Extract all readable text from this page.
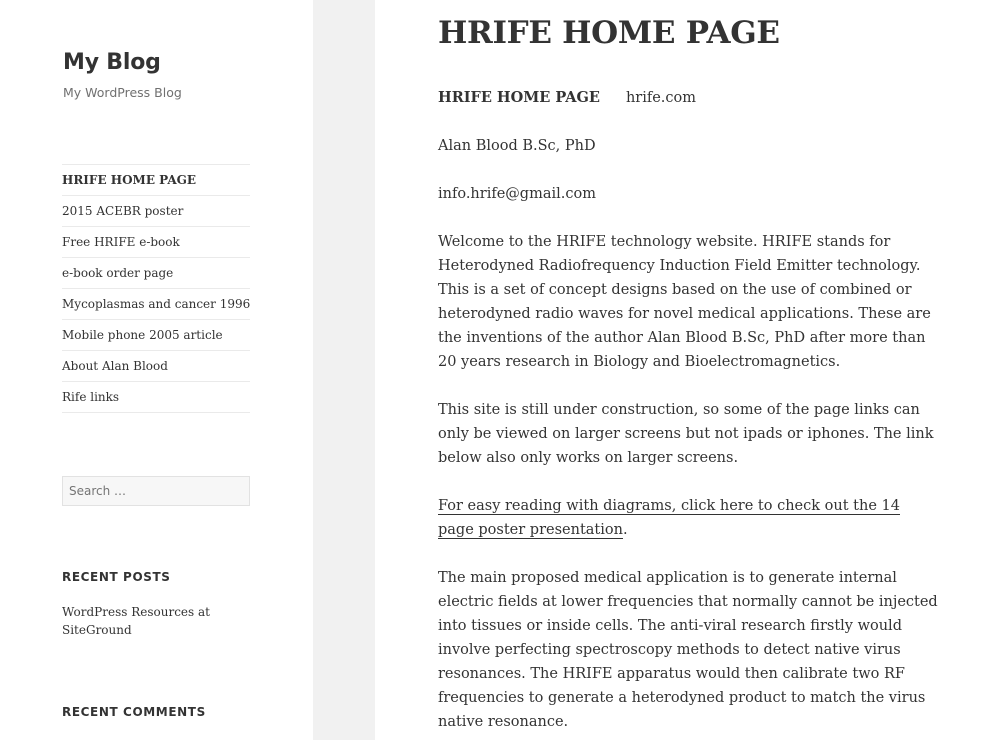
My Blog
My WordPress Blog
HRIFE HOME PAGE
2015 ACEBR poster
Free HRIFE e-book
e-book order page
Mycoplasmas and cancer 1996
Mobile phone 2005 article
About Alan Blood
Rife links
Search …
RECENT POSTS
WordPress Resources at SiteGround
RECENT COMMENTS
HRIFE HOME PAGE

HRIFE HOME PAGE hrife.com

Alan Blood B.Sc, PhD

info.hrife@gmail.com

Welcome to the HRIFE technology website. HRIFE stands for Heterodyned Radiofrequency Induction Field Emitter technology. This is a set of concept designs based on the use of combined or heterodyned radio waves for novel medical applications. These are the inventions of the author Alan Blood B.Sc, PhD after more than 20 years research in Biology and Bioelectromagnetics.

This site is still under construction, so some of the page links can only be viewed on larger screens but not ipads or iphones. The link below also only works on larger screens.

For easy reading with diagrams, click here to check out the 14 page poster presentation.

The main proposed medical application is to generate internal electric fields at lower frequencies that normally cannot be injected into tissues or inside cells. The anti-viral research firstly would involve perfecting spectroscopy methods to detect native virus resonances. The HRIFE apparatus would then calibrate two RF frequencies to generate a heterodyned product to match the virus native resonance.
